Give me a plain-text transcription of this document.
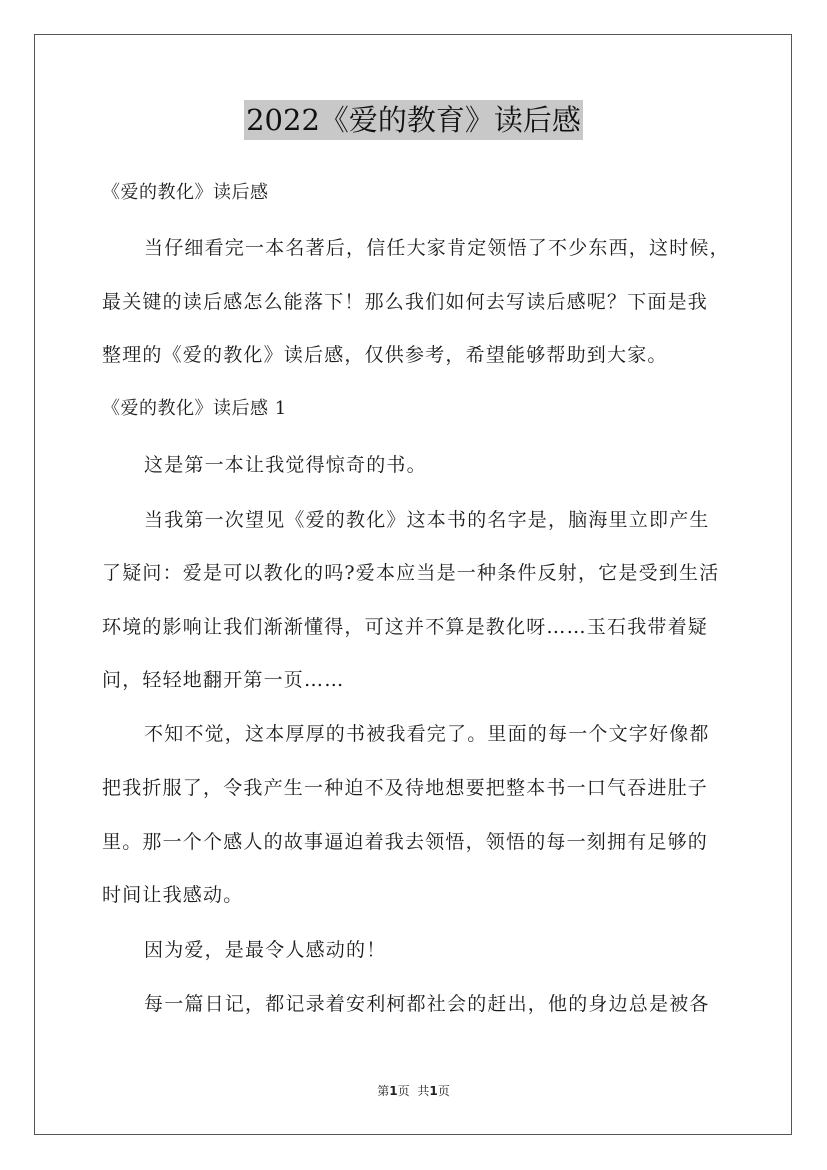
2022《爱的教育》读后感
《爱的教化》读后感
当仔细看完一本名著后，信任大家肯定领悟了不少东西，这时候，
最关键的读后感怎么能落下！那么我们如何去写读后感呢？下面是我
整理的《爱的教化》读后感，仅供参考，希望能够帮助到大家。
《爱的教化》读后感 1
这是第一本让我觉得惊奇的书。
当我第一次望见《爱的教化》这本书的名字是，脑海里立即产生
了疑问：爱是可以教化的吗?爱本应当是一种条件反射，它是受到生活
环境的影响让我们渐渐懂得，可这并不算是教化呀……玉石我带着疑
问，轻轻地翻开第一页……
不知不觉，这本厚厚的书被我看完了。里面的每一个文字好像都
把我折服了，令我产生一种迫不及待地想要把整本书一口气吞进肚子
里。那一个个感人的故事逼迫着我去领悟，领悟的每一刻拥有足够的
时间让我感动。
因为爱，是最令人感动的！
每一篇日记，都记录着安利柯都社会的赶出，他的身边总是被各
第1页 共1页
